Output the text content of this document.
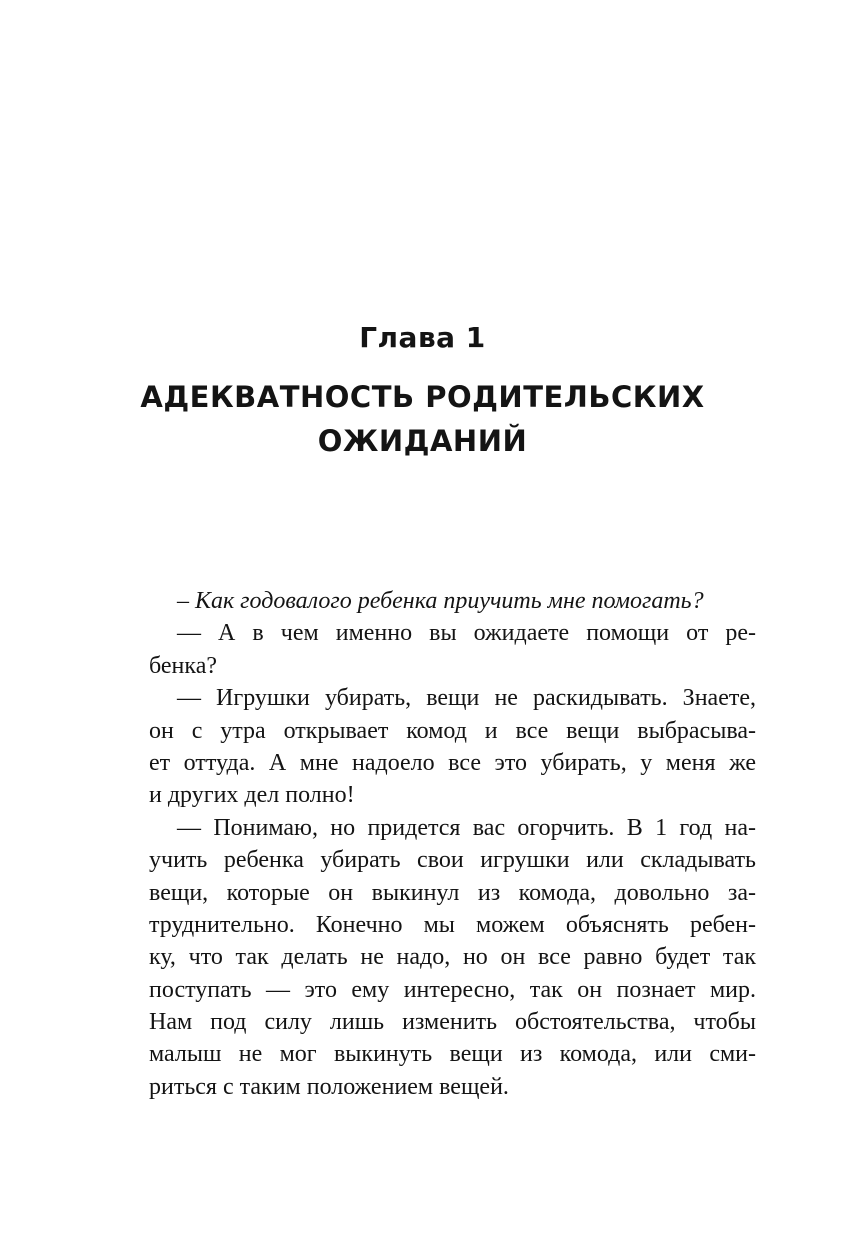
Глава 1
АДЕКВАТНОСТЬ РОДИТЕЛЬСКИХ
ОЖИДАНИЙ
– Как годовалого ребенка приучить мне помогать?
— А в чем именно вы ожидаете помощи от ре-
бенка?
— Игрушки убирать, вещи не раскидывать. Знаете,
он с утра открывает комод и все вещи выбрасыва-
ет оттуда. А мне надоело все это убирать, у меня же
и других дел полно!
— Понимаю, но придется вас огорчить. В 1 год на-
учить ребенка убирать свои игрушки или складывать
вещи, которые он выкинул из комода, довольно за-
труднительно. Конечно мы можем объяснять ребен-
ку, что так делать не надо, но он все равно будет так
поступать — это ему интересно, так он познает мир.
Нам под силу лишь изменить обстоятельства, чтобы
малыш не мог выкинуть вещи из комода, или сми-
риться с таким положением вещей.
